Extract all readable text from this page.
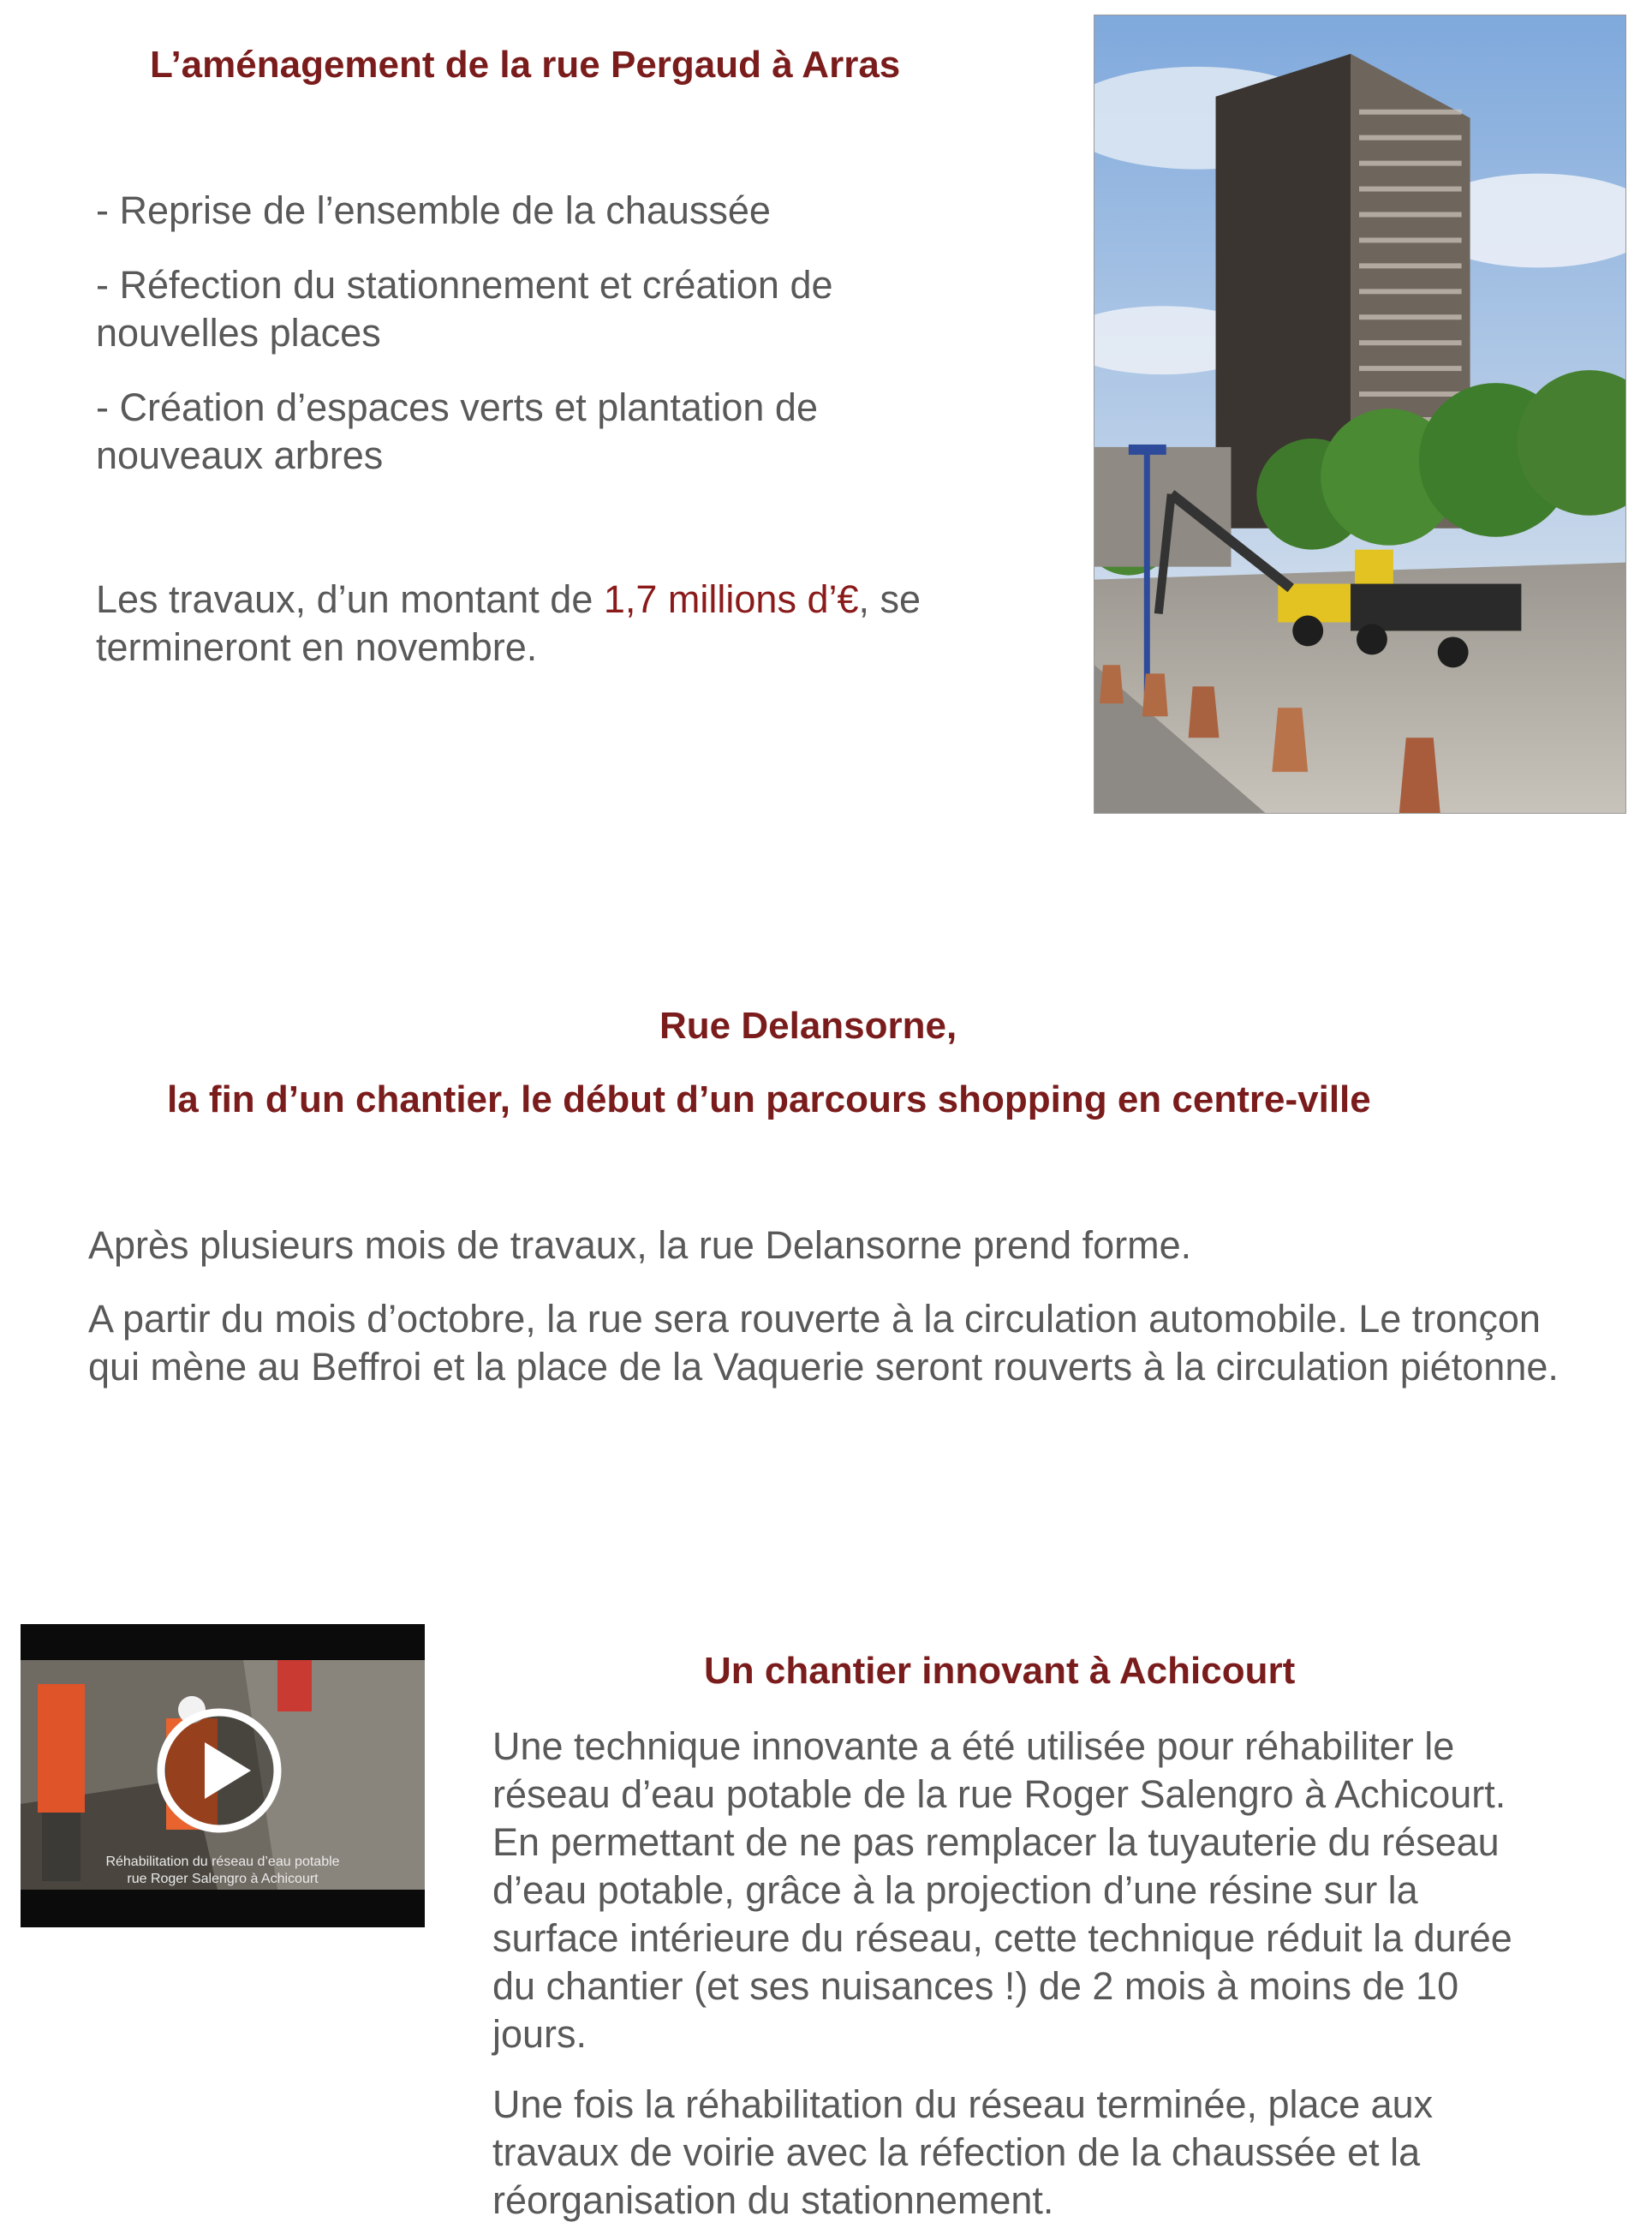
L’aménagement de la rue Pergaud à Arras

- Reprise de l’ensemble de la chaussée

- Réfection du stationnement et création de nouvelles places

- Création d’espaces verts et plantation de nouveaux arbres

Les travaux, d’un montant de 1,7 millions d’€, se termineront en novembre.

Rue Delansorne,
la fin d’un chantier, le début d’un parcours shopping en centre-ville

Après plusieurs mois de travaux, la rue Delansorne prend forme.

A partir du mois d’octobre, la rue sera rouverte à la circulation automobile. Le tronçon qui mène au Beffroi et la place de la Vaquerie seront rouverts à la circulation piétonne.

Réhabilitation du réseau d’eau potable
rue Roger Salengro à Achicourt
Un chantier innovant à Achicourt

Une technique innovante a été utilisée pour réhabiliter le réseau d’eau potable de la rue Roger Salengro à Achicourt. En permettant de ne pas remplacer la tuyauterie du réseau d’eau potable, grâce à la projection d’une résine sur la surface intérieure du réseau, cette technique réduit la durée du chantier (et ses nuisances !) de 2 mois à moins de 10 jours.

Une fois la réhabilitation du réseau terminée, place aux travaux de voirie avec la réfection de la chaussée et la réorganisation du stationnement.
